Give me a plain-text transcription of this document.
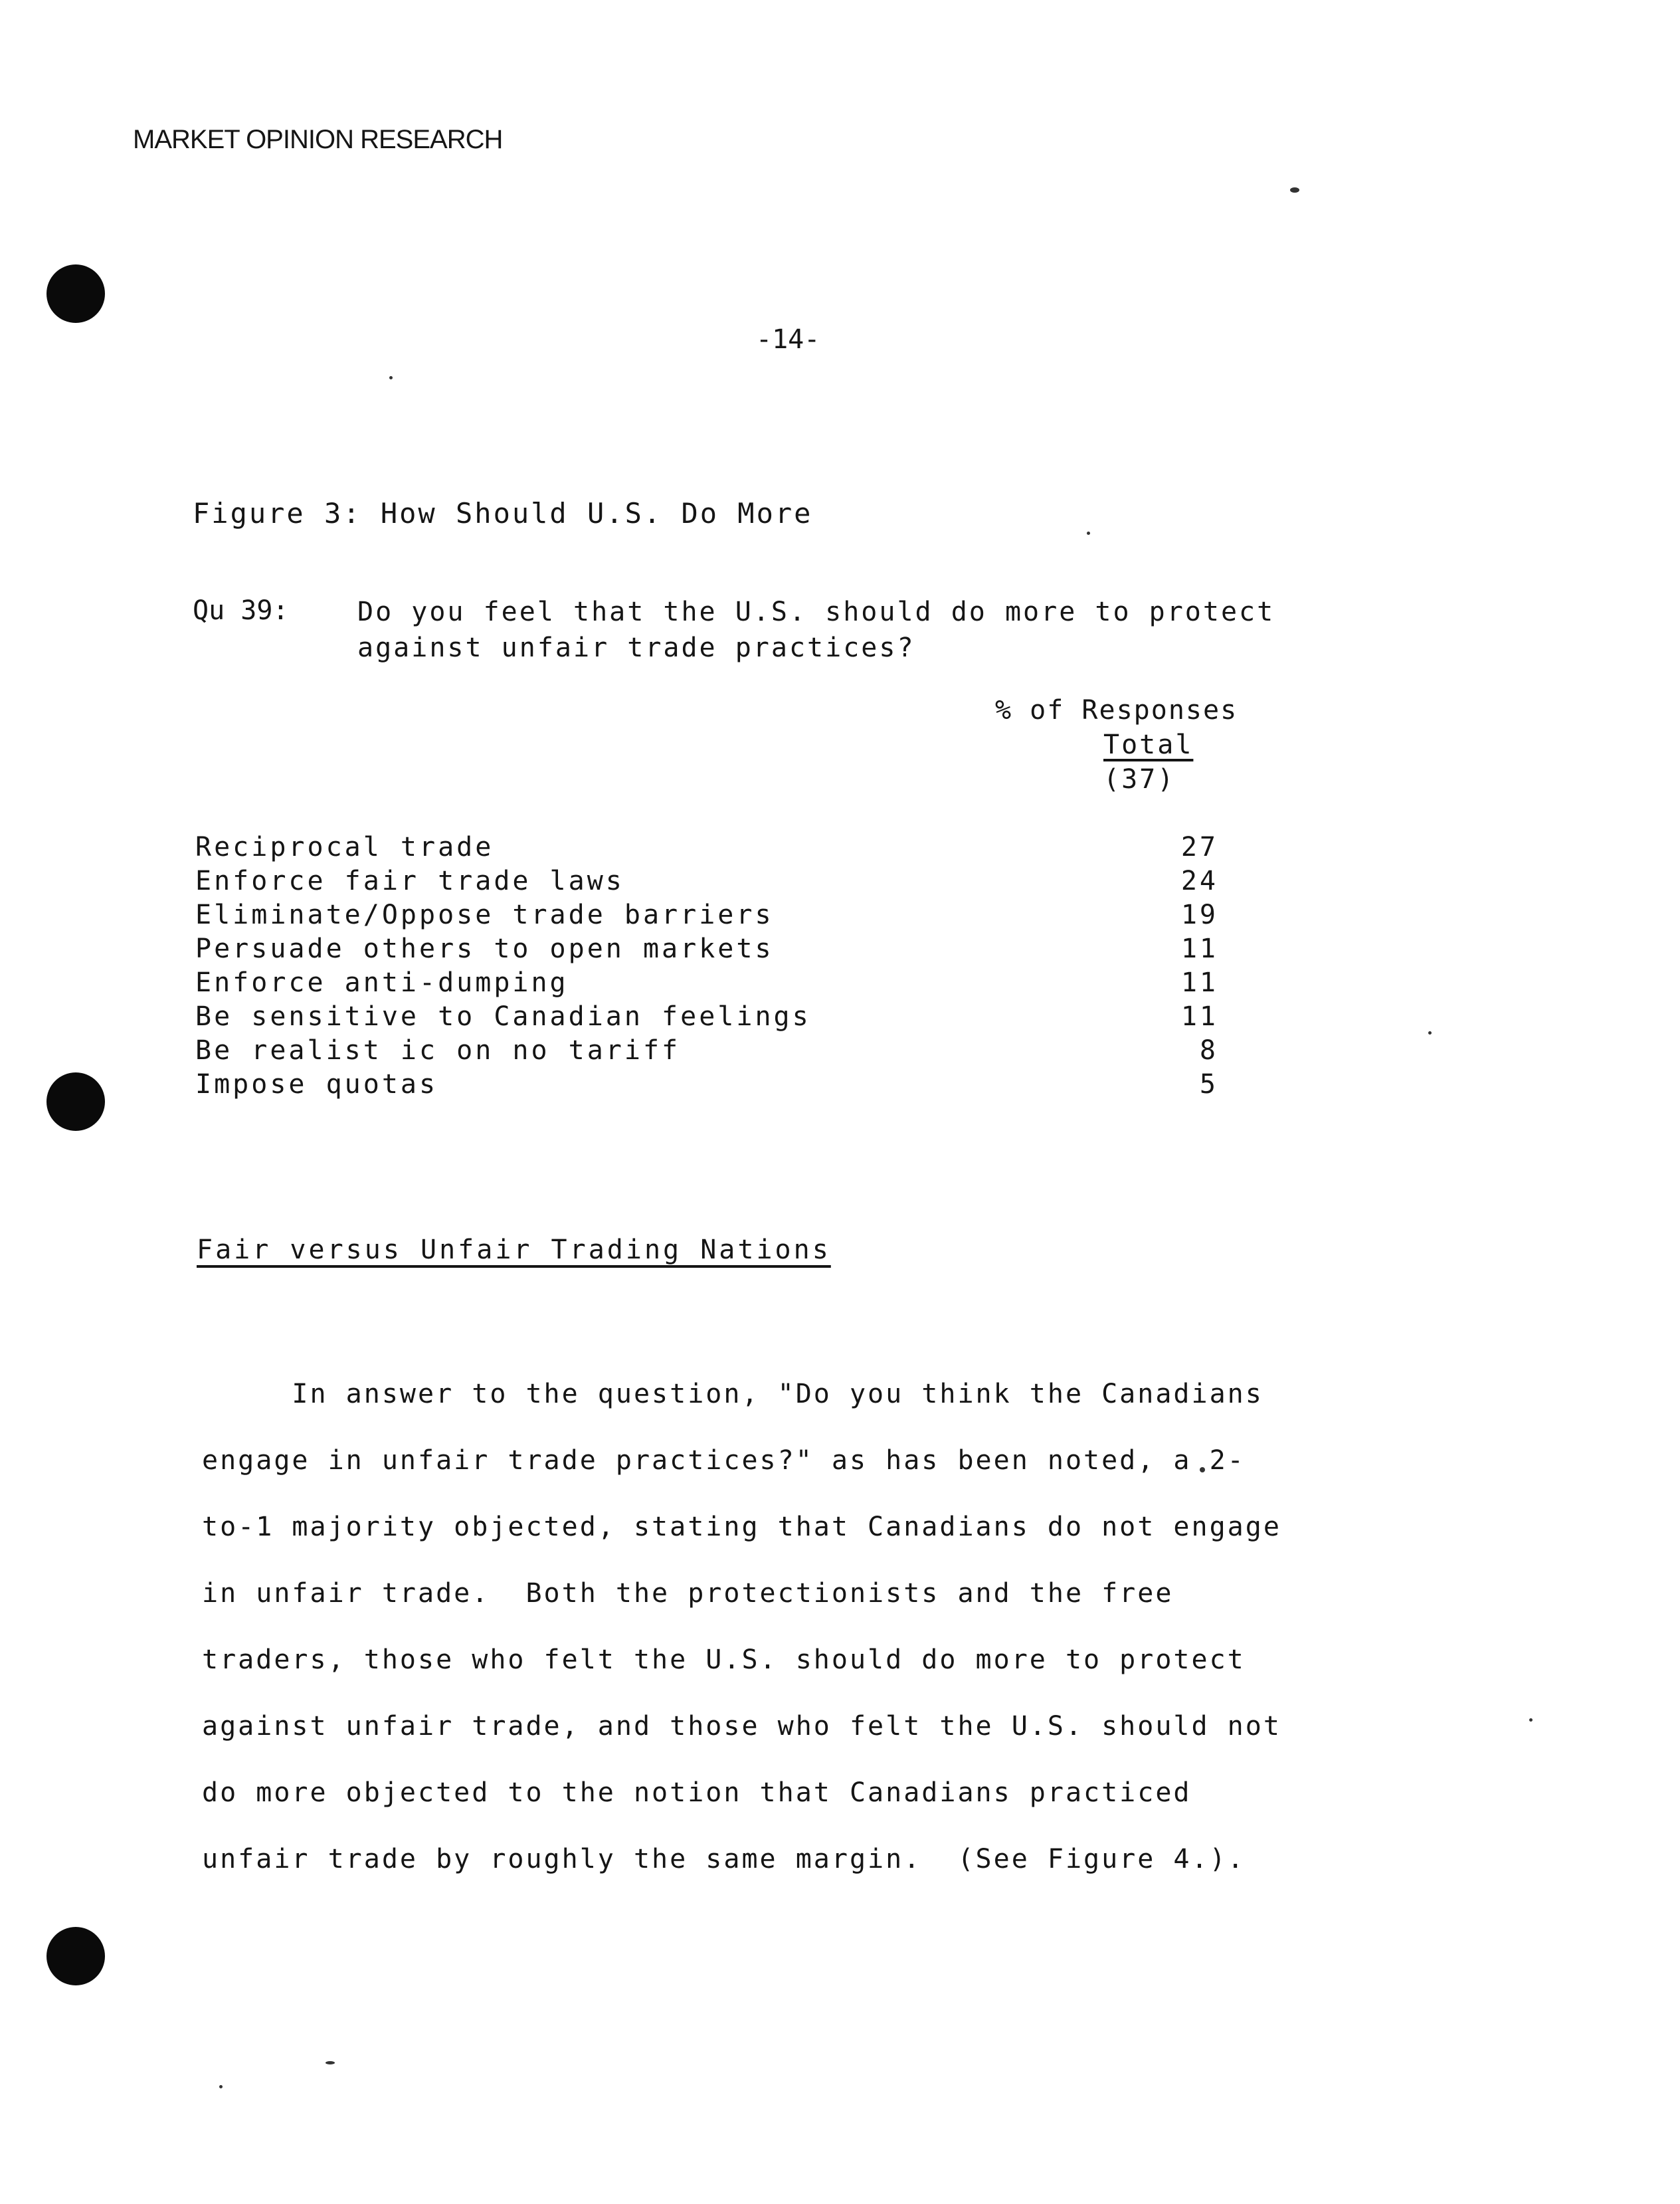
MARKET OPINION RESEARCH
-14-
Figure 3: How Should U.S. Do More
Qu 39:	Do you feel that the U.S. should do more to protect
against unfair trade practices?
% of Responses
Total
(37)
Reciprocal trade	27
Enforce fair trade laws	24
Eliminate/Oppose trade barriers	19
Persuade others to open markets	11
Enforce anti-dumping	11
Be sensitive to Canadian feelings	11
Be realist ic on no tariff	8
Impose quotas	5
Fair versus Unfair Trading Nations
In answer to the question, "Do you think the Canadians
engage in unfair trade practices?" as has been noted, a 2-
to-1 majority objected, stating that Canadians do not engage
in unfair trade.  Both the protectionists and the free
traders, those who felt the U.S. should do more to protect
against unfair trade, and those who felt the U.S. should not
do more objected to the notion that Canadians practiced
unfair trade by roughly the same margin.  (See Figure 4.).
